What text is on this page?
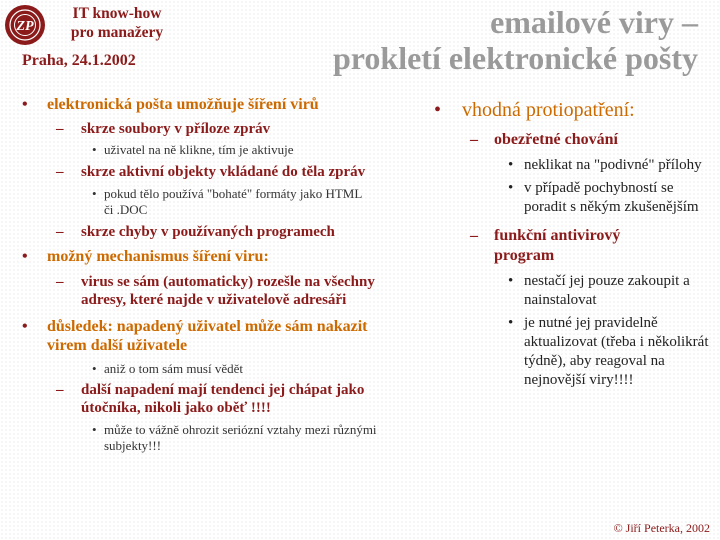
ZP
IT know-how
pro manažery
Praha, 24.1.2002
emailové viry –
prokletí elektronické pošty
• elektronická pošta umožňuje šíření virů
– skrze soubory v příloze zpráv
• uživatel na ně klikne, tím je aktivuje
– skrze aktivní objekty vkládané do těla zpráv
• pokud tělo používá "bohaté" formáty jako HTML či .DOC
– skrze chyby v používaných programech
• možný mechanismus šíření viru:
– virus se sám (automaticky) rozešle na všechny adresy, které najde v uživatelově adresáři
• důsledek: napadený uživatel může sám nakazit virem další uživatele
• aniž o tom sám musí vědět
– další napadení mají tendenci jej chápat jako útočníka, nikoli jako oběť !!!!
• může to vážně ohrozit seriózní vztahy mezi různými subjekty!!!
• vhodná protiopatření:
– obezřetné chování
• neklikat na "podivné" přílohy
• v případě pochybností se poradit s někým zkušenějším
– funkční antivirový program
• nestačí jej pouze zakoupit a nainstalovat
• je nutné jej pravidelně aktualizovat (třeba i několikrát týdně), aby reagoval na nejnovější viry!!!!
© Jiří Peterka, 2002
